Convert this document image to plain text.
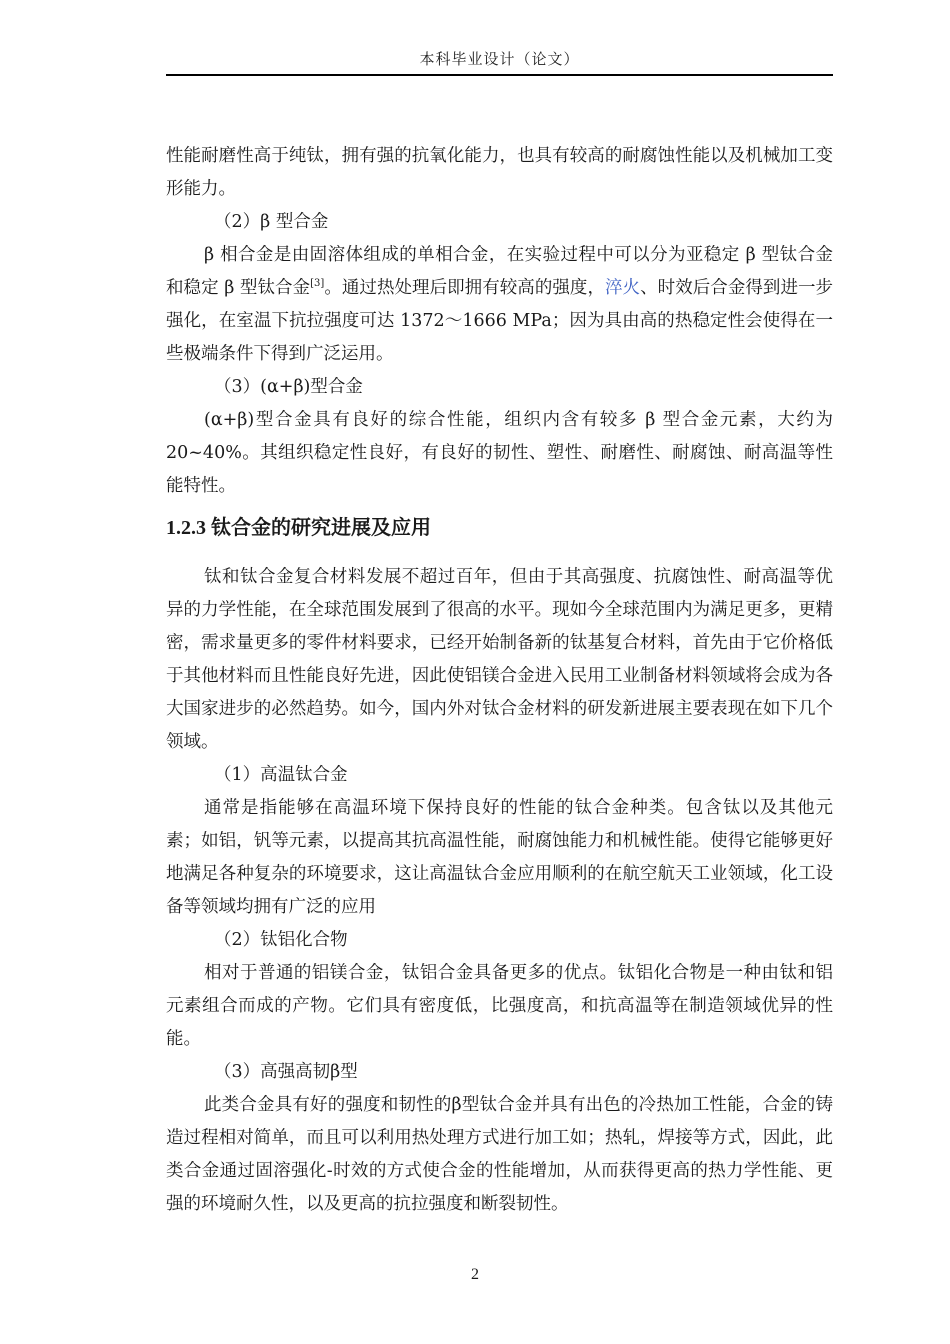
本科毕业设计（论文）

性能耐磨性高于纯钛，拥有强的抗氧化能力，也具有较高的耐腐蚀性能以及机械加工变形能力。

（2）β 型合金

β 相合金是由固溶体组成的单相合金，在实验过程中可以分为亚稳定 β 型钛合金和稳定 β 型钛合金[3]。通过热处理后即拥有较高的强度，淬火、时效后合金得到进一步强化，在室温下抗拉强度可达 1372～1666 MPa；因为具由高的热稳定性会使得在一些极端条件下得到广泛运用。

（3）(α+β)型合金

(α+β)型合金具有良好的综合性能，组织内含有较多 β 型合金元素，大约为 20~40%。其组织稳定性良好，有良好的韧性、塑性、耐磨性、耐腐蚀、耐高温等性能特性。

1.2.3 钛合金的研究进展及应用

钛和钛合金复合材料发展不超过百年，但由于其高强度、抗腐蚀性、耐高温等优异的力学性能，在全球范围发展到了很高的水平。现如今全球范围内为满足更多，更精密，需求量更多的零件材料要求，已经开始制备新的钛基复合材料，首先由于它价格低于其他材料而且性能良好先进，因此使铝镁合金进入民用工业制备材料领域将会成为各大国家进步的必然趋势。如今，国内外对钛合金材料的研发新进展主要表现在如下几个领域。

（1）高温钛合金

通常是指能够在高温环境下保持良好的性能的钛合金种类。包含钛以及其他元素；如铝，钒等元素，以提高其抗高温性能，耐腐蚀能力和机械性能。使得它能够更好地满足各种复杂的环境要求，这让高温钛合金应用顺利的在航空航天工业领域，化工设备等领域均拥有广泛的应用

（2）钛铝化合物

相对于普通的铝镁合金，钛铝合金具备更多的优点。钛铝化合物是一种由钛和铝元素组合而成的产物。它们具有密度低，比强度高，和抗高温等在制造领域优异的性能。

（3）高强高韧β型

此类合金具有好的强度和韧性的β型钛合金并具有出色的冷热加工性能，合金的铸造过程相对简单，而且可以利用热处理方式进行加工如；热轧，焊接等方式，因此，此类合金通过固溶强化-时效的方式使合金的性能增加，从而获得更高的热力学性能、更强的环境耐久性，以及更高的抗拉强度和断裂韧性。

2
